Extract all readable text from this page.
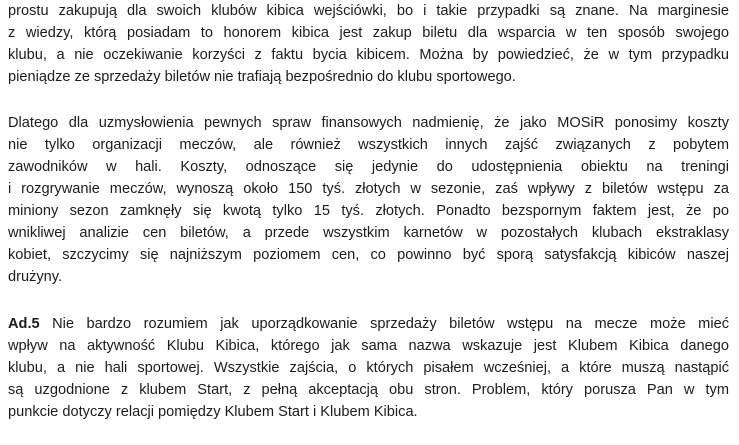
prostu zakupują dla swoich klubów kibica wejściówki, bo i takie przypadki są znane. Na marginesie
z wiedzy, którą posiadam to honorem kibica jest zakup biletu dla wsparcia w ten sposób swojego
klubu, a nie oczekiwanie korzyści z faktu bycia kibicem. Można by powiedzieć, że w tym przypadku
pieniądze ze sprzedaży biletów nie trafiają bezpośrednio do klubu sportowego.
Dlatego dla uzmysłowienia pewnych spraw finansowych nadmienię, że jako MOSiR ponosimy koszty
nie tylko organizacji meczów, ale również wszystkich innych zajść związanych z pobytem
zawodników w hali. Koszty, odnoszące się jedynie do udostępnienia obiektu na treningi
i rozgrywanie meczów, wynoszą około 150 tyś. złotych w sezonie, zaś wpływy z biletów wstępu za
miniony sezon zamknęły się kwotą tylko 15 tyś. złotych. Ponadto bezspornym faktem jest, że po
wnikliwej analizie cen biletów, a przede wszystkim karnetów w pozostałych klubach ekstraklasy
kobiet, szczycimy się najniższym poziomem cen, co powinno być sporą satysfakcją kibiców naszej
drużyny.
Ad.5 Nie bardzo rozumiem jak uporządkowanie sprzedaży biletów wstępu na mecze może mieć
wpływ na aktywność Klubu Kibica, którego jak sama nazwa wskazuje jest Klubem Kibica danego
klubu, a nie hali sportowej. Wszystkie zajścia, o których pisałem wcześniej, a które muszą nastąpić
są uzgodnione z klubem Start, z pełną akceptacją obu stron. Problem, który porusza Pan w tym
punkcie dotyczy relacji pomiędzy Klubem Start i Klubem Kibica.
